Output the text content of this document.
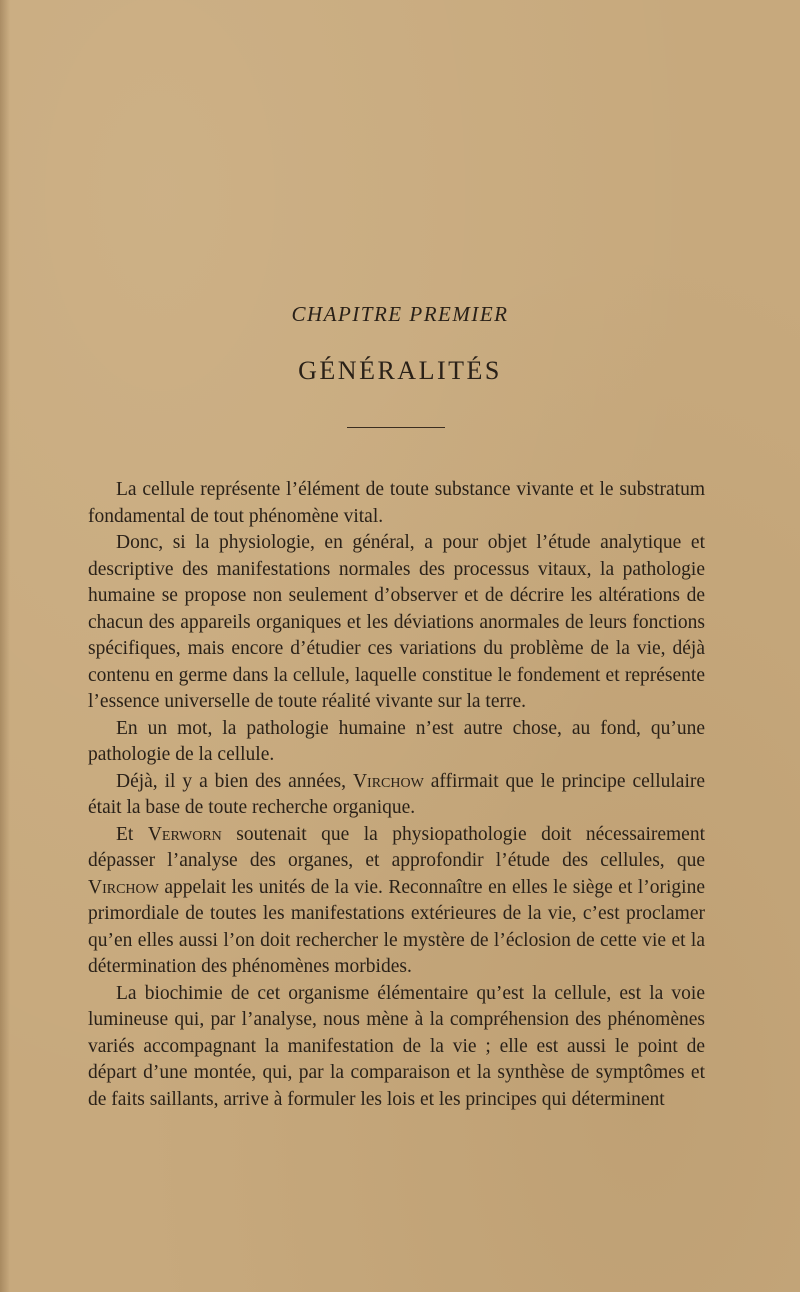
CHAPITRE PREMIER
GÉNÉRALITÉS

La cellule représente l’élément de toute substance vivante et le substratum fondamental de tout phénomène vital.

Donc, si la physiologie, en général, a pour objet l’étude analytique et descriptive des manifestations normales des processus vitaux, la pathologie humaine se propose non seulement d’observer et de décrire les altérations de chacun des appareils organiques et les déviations anormales de leurs fonctions spécifiques, mais encore d’étudier ces variations du problème de la vie, déjà contenu en germe dans la cellule, laquelle constitue le fondement et représente l’essence universelle de toute réalité vivante sur la terre.

En un mot, la pathologie humaine n’est autre chose, au fond, qu’une pathologie de la cellule.

Déjà, il y a bien des années, Virchow affirmait que le principe cellulaire était la base de toute recherche organique.

Et Verworn soutenait que la physiopathologie doit nécessairement dépasser l’analyse des organes, et approfondir l’étude des cellules, que Virchow appelait les unités de la vie. Reconnaître en elles le siège et l’origine primordiale de toutes les manifestations extérieures de la vie, c’est proclamer qu’en elles aussi l’on doit rechercher le mystère de l’éclosion de cette vie et la détermination des phénomènes morbides.

La biochimie de cet organisme élémentaire qu’est la cellule, est la voie lumineuse qui, par l’analyse, nous mène à la compréhension des phénomènes variés accompagnant la manifestation de la vie ; elle est aussi le point de départ d’une montée, qui, par la comparaison et la synthèse de symptômes et de faits saillants, arrive à formuler les lois et les principes qui déterminent
